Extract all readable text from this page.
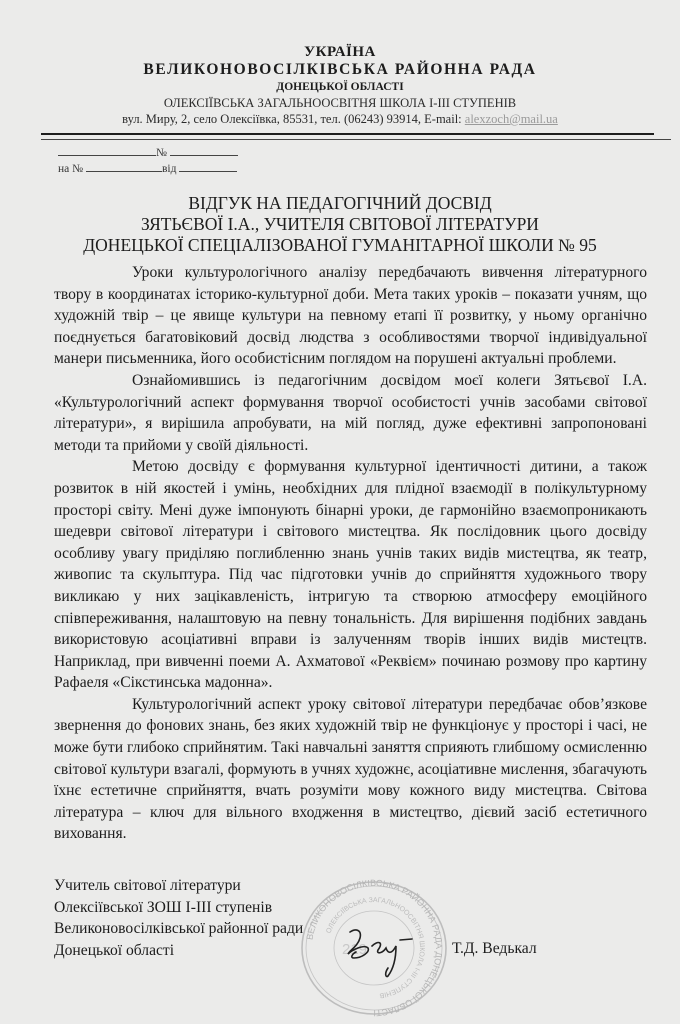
УКРАЇНА
ВЕЛИКОНОВОСІЛКІВСЬКА РАЙОННА РАДА
ДОНЕЦЬКОЇ ОБЛАСТІ
ОЛЕКСІЇВСЬКА ЗАГАЛЬНООСВІТНЯ ШКОЛА І-ІІІ СТУПЕНІВ
вул. Миру, 2, село Олексіївка, 85531, тел. (06243) 93914, E-mail: alexzoch@mail.ua
№
на №	від
ВІДГУК НА ПЕДАГОГІЧНИЙ ДОСВІД
ЗЯТЬЄВОЇ І.А., УЧИТЕЛЯ СВІТОВОЇ ЛІТЕРАТУРИ
ДОНЕЦЬКОЇ СПЕЦІАЛІЗОВАНОЇ ГУМАНІТАРНОЇ ШКОЛИ № 95

Уроки культурологічного аналізу передбачають вивчення літературного твору в координатах історико-культурної доби. Мета таких уроків – показати учням, що художній твір – це явище культури на певному етапі її розвитку, у ньому органічно поєднується багатовіковий досвід людства з особливостями творчої індивідуальної манери письменника, його особистісним поглядом на порушені актуальні проблеми.

Ознайомившись із педагогічним досвідом моєї колеги Зятьєвої І.А. «Культурологічний аспект формування творчої особистості учнів засобами світової літератури», я вирішила апробувати, на мій погляд, дуже ефективні запропоновані методи та прийоми у своїй діяльності.

Метою досвіду є формування культурної ідентичності дитини, а також розвиток в ній якостей і умінь, необхідних для плідної взаємодії в полікультурному просторі світу. Мені дуже імпонують бінарні уроки, де гармонійно взаємопроникають шедеври світової літератури і світового мистецтва. Як послідовник цього досвіду особливу увагу приділяю поглибленню знань учнів таких видів мистецтва, як театр, живопис та скульптура. Під час підготовки учнів до сприйняття художнього твору викликаю у них зацікавленість, інтригую та створюю атмосферу емоційного співпереживання, налаштовую на певну тональність. Для вирішення подібних завдань використовую асоціативні вправи із залученням творів інших видів мистецтв. Наприклад, при вивченні поеми А. Ахматової «Реквієм» починаю розмову про картину Рафаеля «Сікстинська мадонна».

Культурологічний аспект уроку світової літератури передбачає обов’язкове звернення до фонових знань, без яких художній твір не функціонує у просторі і часі, не може бути глибоко сприйнятим. Такі навчальні заняття сприяють глибшому осмисленню світової культури взагалі, формують в учнях художнє, асоціативне мислення, збагачують їхнє естетичне сприйняття, вчать розуміти мову кожного виду мистецтва. Світова література – ключ для вільного входження в мистецтво, дієвий засіб естетичного виховання.

ВЕЛИКОНОВОСІЛКІВСЬКА РАЙОННА РАДА ДОНЕЦЬКОЇ ОБЛАСТІ
ОЛЕКСІЇВСЬКА ЗАГАЛЬНООСВІТНЯ ШКОЛА І-ІІІ СТУПЕНІВ
219
Учитель світової літератури
Олексіївської ЗОШ І-ІІІ ступенів
Великоновосілківської районної ради
Донецької області	Т.Д. Ведькал
